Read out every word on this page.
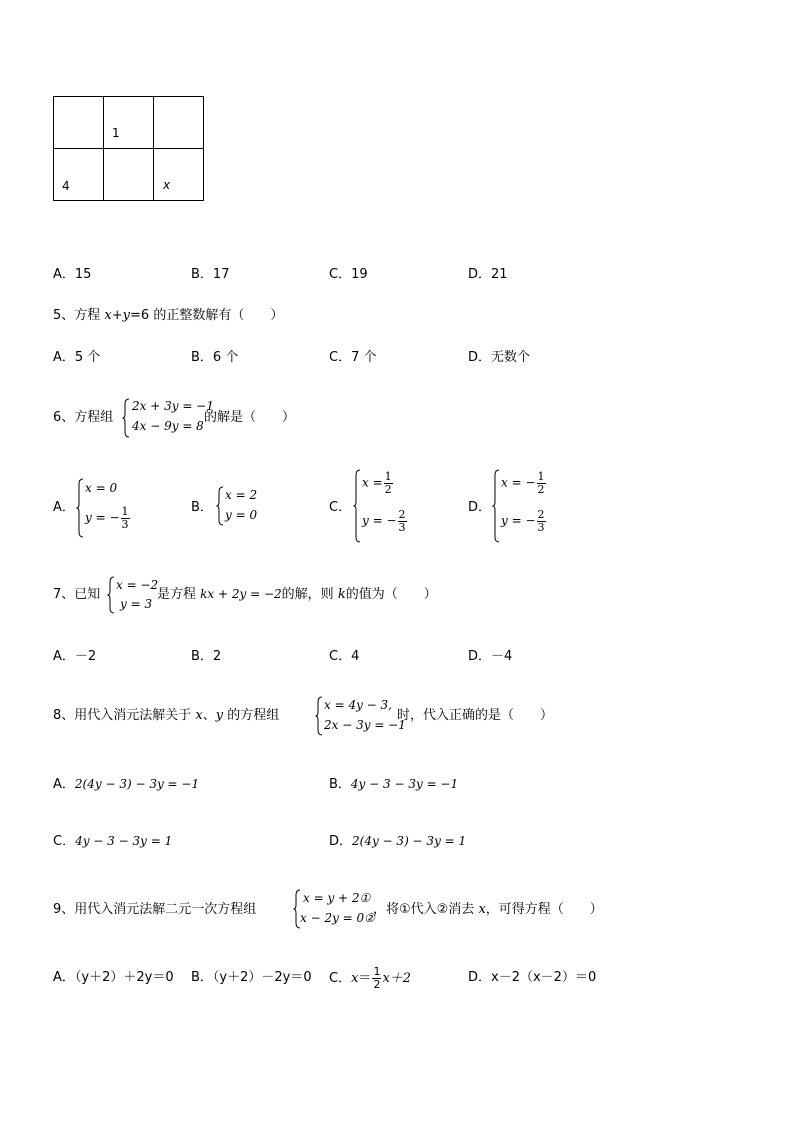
	1	

4		x
A．15	B．17	C．19	D．21
5、方程 x+y=6 的正整数解有（　　）
A．5 个	B．6 个	C．7 个	D．无数个
6、方程组
2x + 3y = −1
4x − 9y = 8
的解是（　　）
A．
x = 0
y = − $\frac{1}{3}$	B．
x = 2
y = 0	C．
$x = \frac{1}{2}$
y = − $\frac{2}{3}$
D．
x = − $\frac{1}{2}$
y = − $\frac{2}{3}$
7、已知
x = −2
y = 3
是方程 kx + 2y = −2的解，则 k的值为（　　）
A．－2	B．2	C．4	D．－4
8、用代入消元法解关于 x、y 的方程组
x = 4y − 3,
2x − 3y = −1
时，代入正确的是（　　）
A．2(4y − 3) − 3y = −1	B．4y − 3 − 3y = −1
C．4y − 3 − 3y = 1	D．2(4y − 3) − 3y = 1
9、用代入消元法解二元一次方程组
x = y + 2①
x − 2y = 0②
，将①代入②消去 x，可得方程（　　）
A．（y＋2）＋2y＝0 B．（y＋2）－2y＝0 C． $x = \frac{1}{2} x+2$	D．x－2（x－2）＝0
